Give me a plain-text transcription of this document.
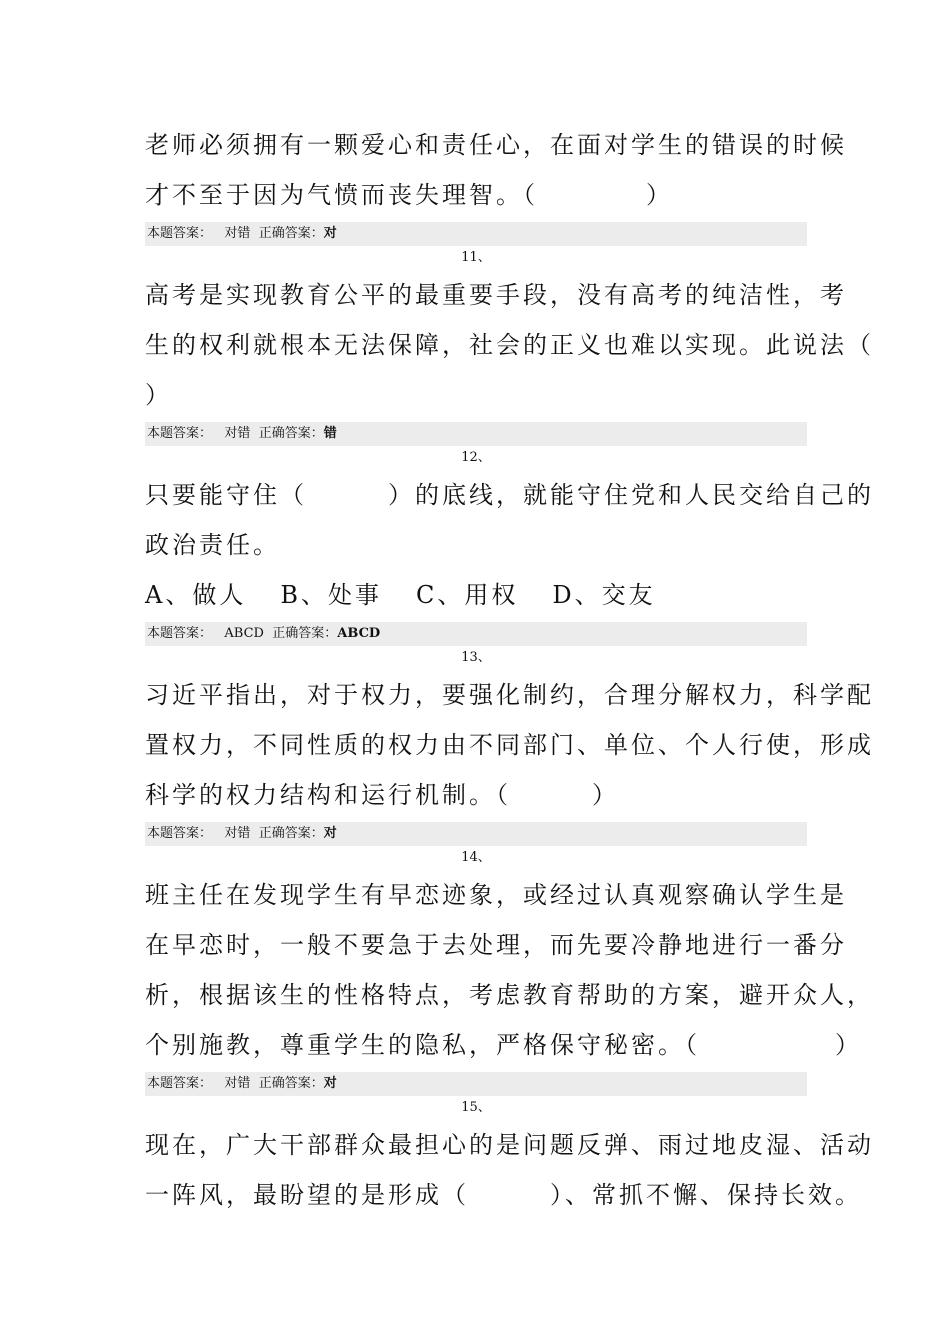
老师必须拥有一颗爱心和责任心，在面对学生的错误的时候

才不至于因为气愤而丧失理智。（　　　　）

本题答案： 对错 正确答案：对
11、

高考是实现教育公平的最重要手段，没有高考的纯洁性，考

生的权利就根本无法保障，社会的正义也难以实现。此说法（

）

本题答案： 对错 正确答案：错
12、

只要能守住（　　　）的底线，就能守住党和人民交给自己的

政治责任。

A、做人 B、处事 C、用权 D、交友

本题答案： ABCD 正确答案：ABCD
13、

习近平指出，对于权力，要强化制约，合理分解权力，科学配

置权力，不同性质的权力由不同部门、单位、个人行使，形成

科学的权力结构和运行机制。（　　　）

本题答案： 对错 正确答案：对
14、

班主任在发现学生有早恋迹象，或经过认真观察确认学生是

在早恋时，一般不要急于去处理，而先要冷静地进行一番分

析，根据该生的性格特点，考虑教育帮助的方案，避开众人，

个别施教，尊重学生的隐私，严格保守秘密。（　　　　　）

本题答案： 对错 正确答案：对
15、

现在，广大干部群众最担心的是问题反弹、雨过地皮湿、活动

一阵风，最盼望的是形成（　　　）、常抓不懈、保持长效。
